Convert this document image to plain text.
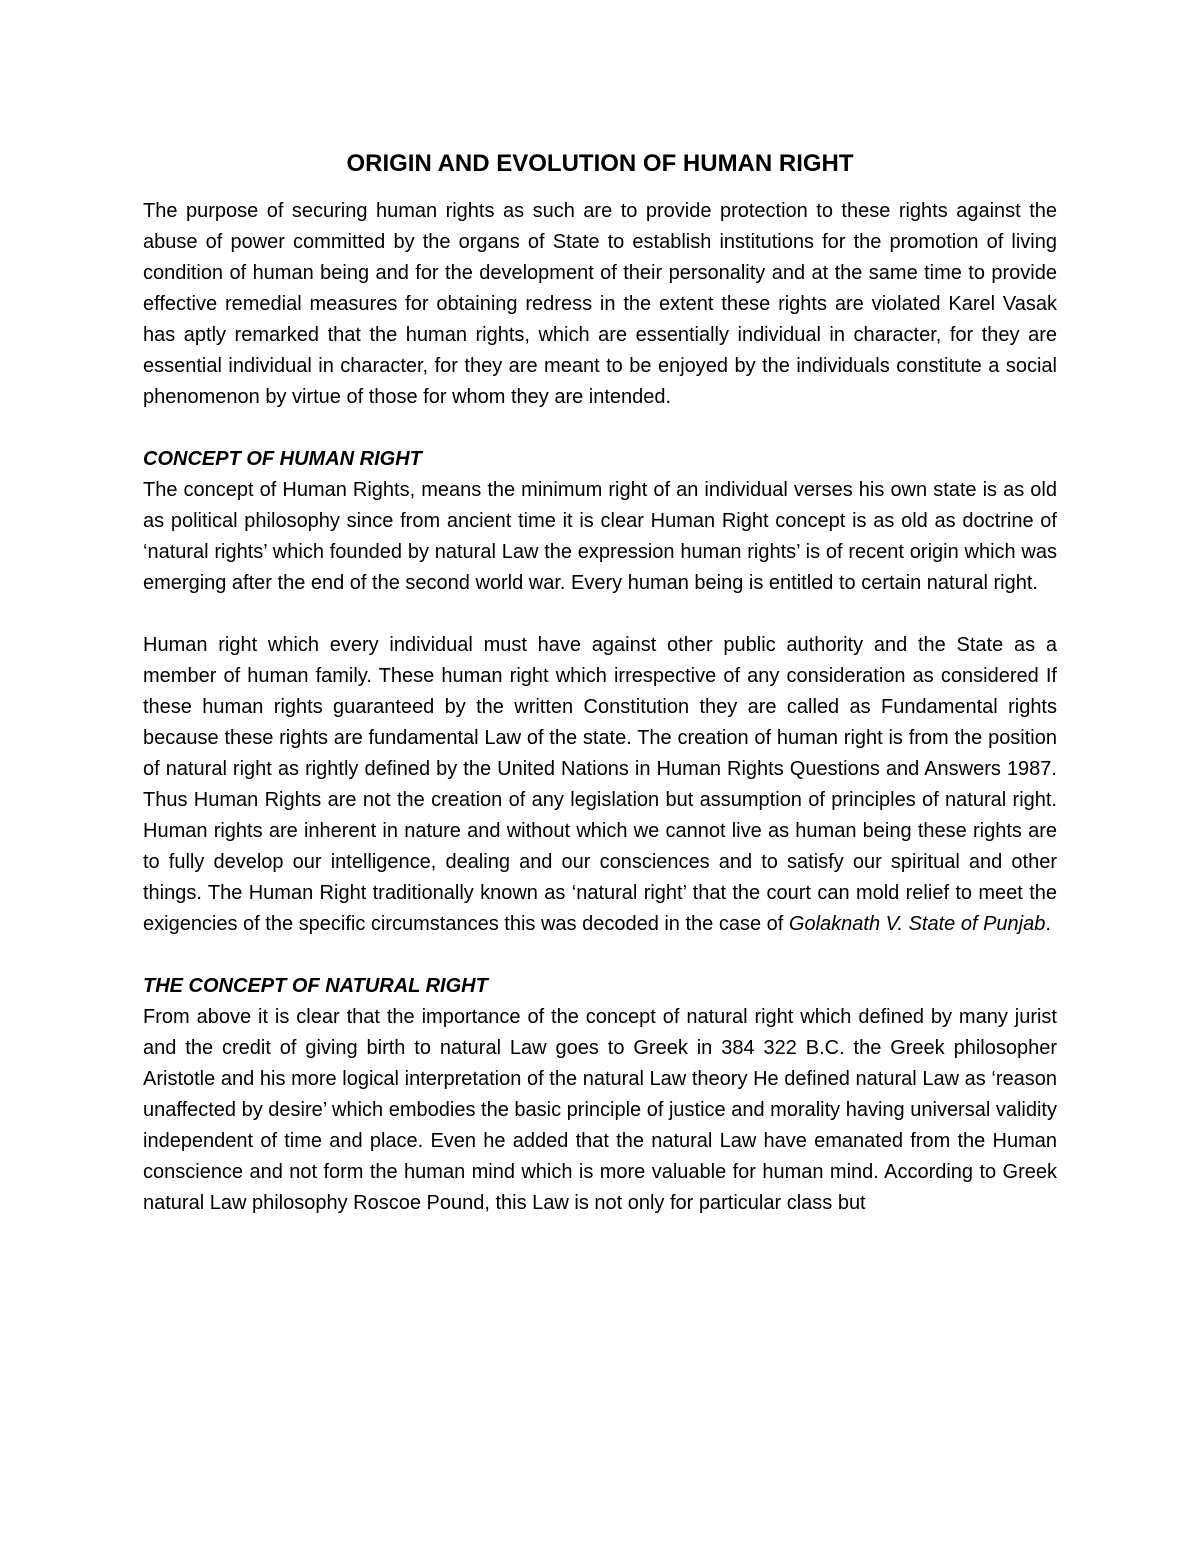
ORIGIN AND EVOLUTION OF HUMAN RIGHT

The purpose of securing human rights as such are to provide protection to these rights against the abuse of power committed by the organs of State to establish institutions for the promotion of living condition of human being and for the development of their personality and at the same time to provide effective remedial measures for obtaining redress in the extent these rights are violated Karel Vasak has aptly remarked that the human rights, which are essentially individual in character, for they are essential individual in character, for they are meant to be enjoyed by the individuals constitute a social phenomenon by virtue of those for whom they are intended.

CONCEPT OF HUMAN RIGHT

The concept of Human Rights, means the minimum right of an individual verses his own state is as old as political philosophy since from ancient time it is clear Human Right concept is as old as doctrine of ‘natural rights’ which founded by natural Law the expression human rights’ is of recent origin which was emerging after the end of the second world war. Every human being is entitled to certain natural right.

Human right which every individual must have against other public authority and the State as a member of human family. These human right which irrespective of any consideration as considered If these human rights guaranteed by the written Constitution they are called as Fundamental rights because these rights are fundamental Law of the state. The creation of human right is from the position of natural right as rightly defined by the United Nations in Human Rights Questions and Answers 1987. Thus Human Rights are not the creation of any legislation but assumption of principles of natural right. Human rights are inherent in nature and without which we cannot live as human being these rights are to fully develop our intelligence, dealing and our consciences and to satisfy our spiritual and other things. The Human Right traditionally known as ‘natural right’ that the court can mold relief to meet the exigencies of the specific circumstances this was decoded in the case of Golaknath V. State of Punjab.

THE CONCEPT OF NATURAL RIGHT

From above it is clear that the importance of the concept of natural right which defined by many jurist and the credit of giving birth to natural Law goes to Greek in 384 322 B.C. the Greek philosopher Aristotle and his more logical interpretation of the natural Law theory He defined natural Law as ‘reason unaffected by desire’ which embodies the basic principle of justice and morality having universal validity independent of time and place. Even he added that the natural Law have emanated from the Human conscience and not form the human mind which is more valuable for human mind. According to Greek natural Law philosophy Roscoe Pound, this Law is not only for particular class but
